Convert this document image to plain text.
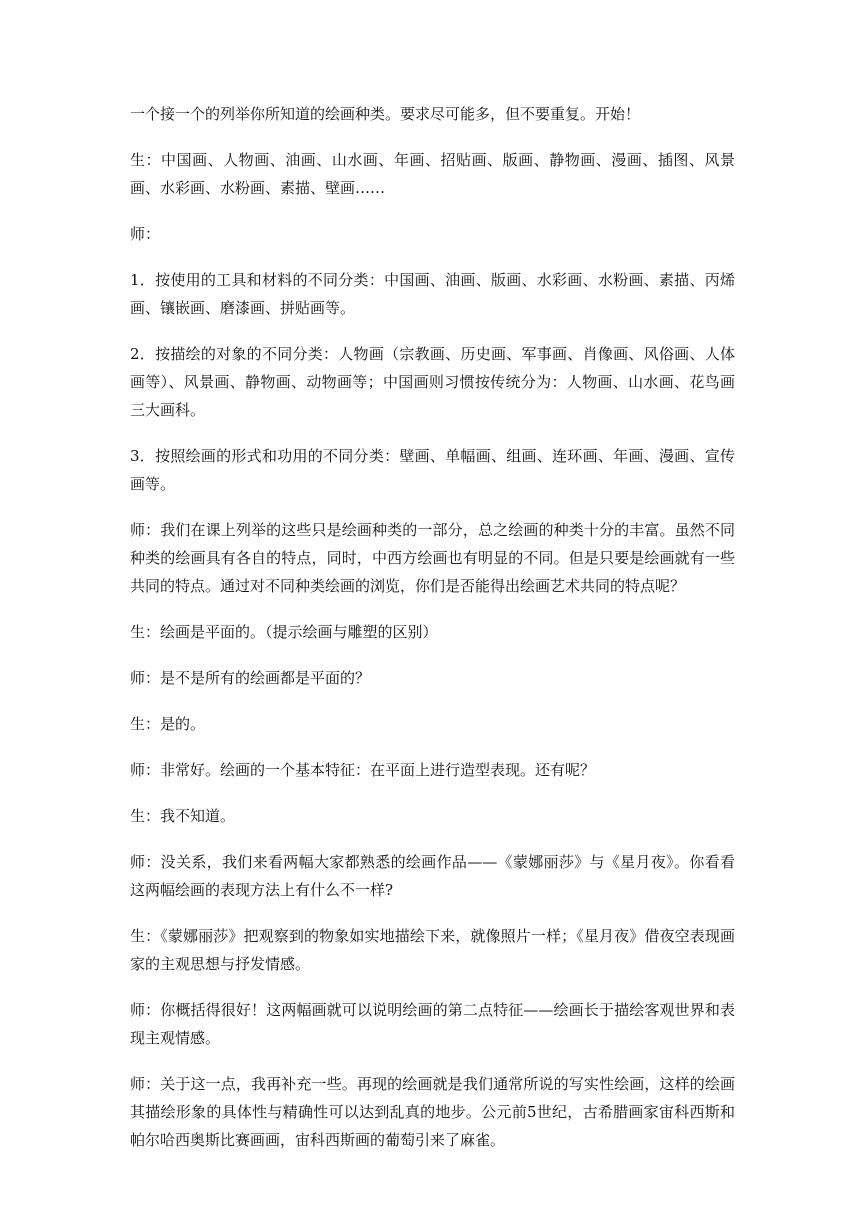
一个接一个的列举你所知道的绘画种类。要求尽可能多，但不要重复。开始！

生：中国画、人物画、油画、山水画、年画、招贴画、版画、静物画、漫画、插图、风景画、水彩画、水粉画、素描、壁画……

师：

1．按使用的工具和材料的不同分类：中国画、油画、版画、水彩画、水粉画、素描、丙烯画、镶嵌画、磨漆画、拼贴画等。

2．按描绘的对象的不同分类：人物画（宗教画、历史画、军事画、肖像画、风俗画、人体画等）、风景画、静物画、动物画等；中国画则习惯按传统分为：人物画、山水画、花鸟画三大画科。

3．按照绘画的形式和功用的不同分类：壁画、单幅画、组画、连环画、年画、漫画、宣传画等。

师：我们在课上列举的这些只是绘画种类的一部分，总之绘画的种类十分的丰富。虽然不同种类的绘画具有各自的特点，同时，中西方绘画也有明显的不同。但是只要是绘画就有一些共同的特点。通过对不同种类绘画的浏览，你们是否能得出绘画艺术共同的特点呢？

生：绘画是平面的。（提示绘画与雕塑的区别）

师：是不是所有的绘画都是平面的？

生：是的。

师：非常好。绘画的一个基本特征：在平面上进行造型表现。还有呢？

生：我不知道。

师：没关系，我们来看两幅大家都熟悉的绘画作品——《蒙娜丽莎》与《星月夜》。你看看这两幅绘画的表现方法上有什么不一样?

生：《蒙娜丽莎》把观察到的物象如实地描绘下来，就像照片一样；《星月夜》借夜空表现画家的主观思想与抒发情感。

师：你概括得很好！这两幅画就可以说明绘画的第二点特征——绘画长于描绘客观世界和表现主观情感。

师：关于这一点，我再补充一些。再现的绘画就是我们通常所说的写实性绘画，这样的绘画其描绘形象的具体性与精确性可以达到乱真的地步。公元前5世纪，古希腊画家宙科西斯和帕尔哈西奥斯比赛画画，宙科西斯画的葡萄引来了麻雀。
